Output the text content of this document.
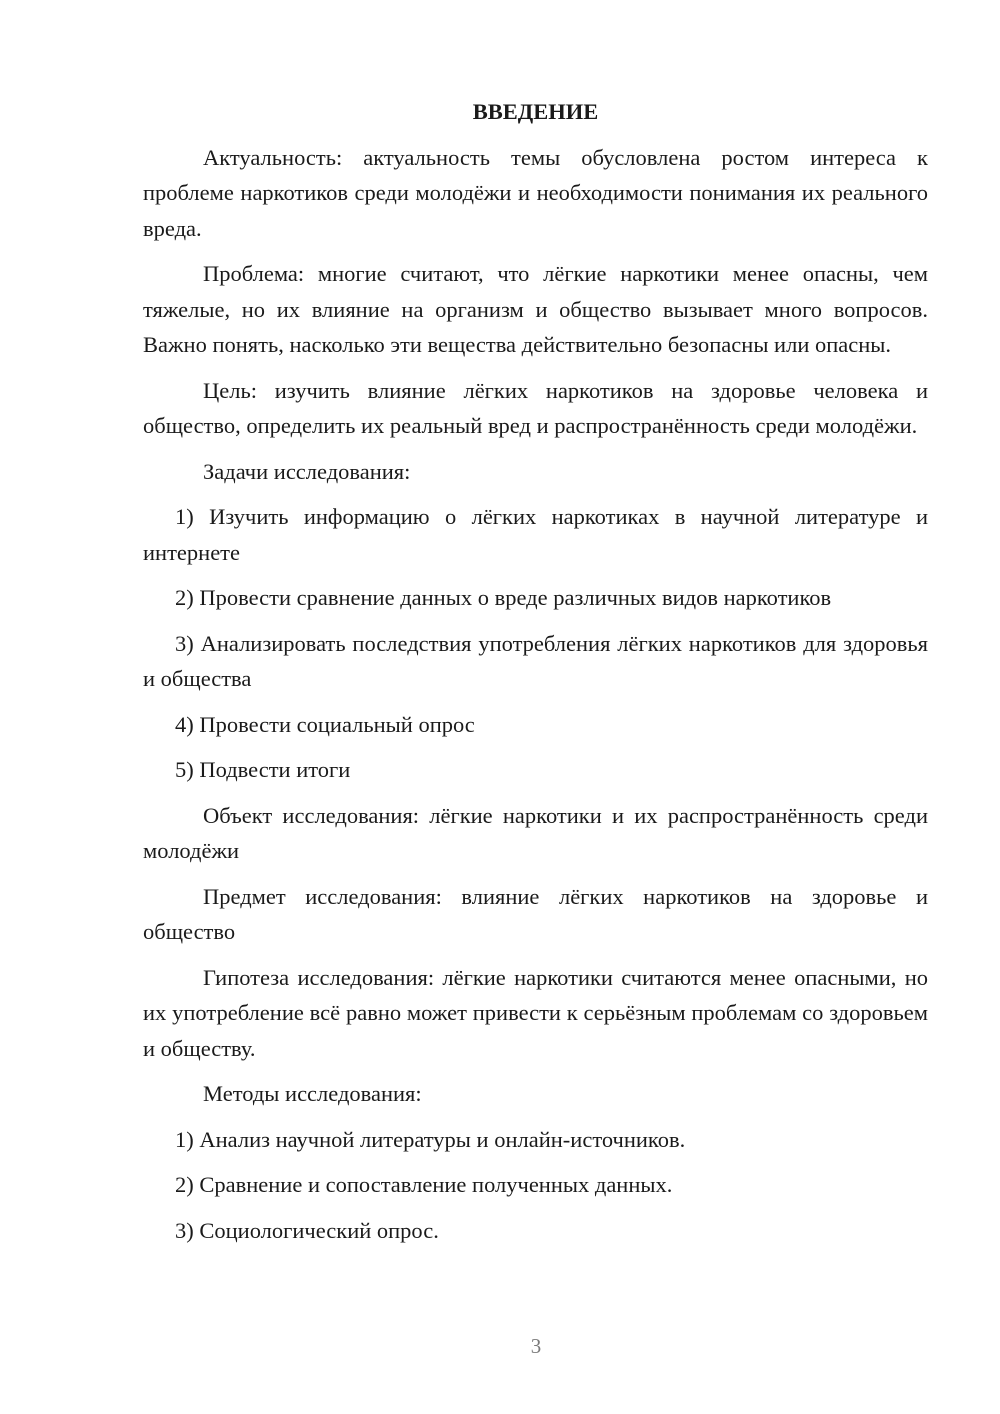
ВВЕДЕНИЕ

Актуальность: актуальность темы обусловлена ростом интереса к проблеме наркотиков среди молодёжи и необходимости понимания их реального вреда.

Проблема: многие считают, что лёгкие наркотики менее опасны, чем тяжелые, но их влияние на организм и общество вызывает много вопросов. Важно понять, насколько эти вещества действительно безопасны или опасны.

Цель: изучить влияние лёгких наркотиков на здоровье человека и общество, определить их реальный вред и распространённость среди молодёжи.

Задачи исследования:

1) Изучить информацию о лёгких наркотиках в научной литературе и интернете

2) Провести сравнение данных о вреде различных видов наркотиков

3) Анализировать последствия употребления лёгких наркотиков для здоровья и общества

4) Провести социальный опрос

5) Подвести итоги

Объект исследования: лёгкие наркотики и их распространённость среди молодёжи

Предмет исследования: влияние лёгких наркотиков на здоровье и общество

Гипотеза исследования: лёгкие наркотики считаются менее опасными, но их употребление всё равно может привести к серьёзным проблемам со здоровьем и обществу.

Методы исследования:

1) Анализ научной литературы и онлайн-источников.

2) Сравнение и сопоставление полученных данных.

3) Социологический опрос.

3
